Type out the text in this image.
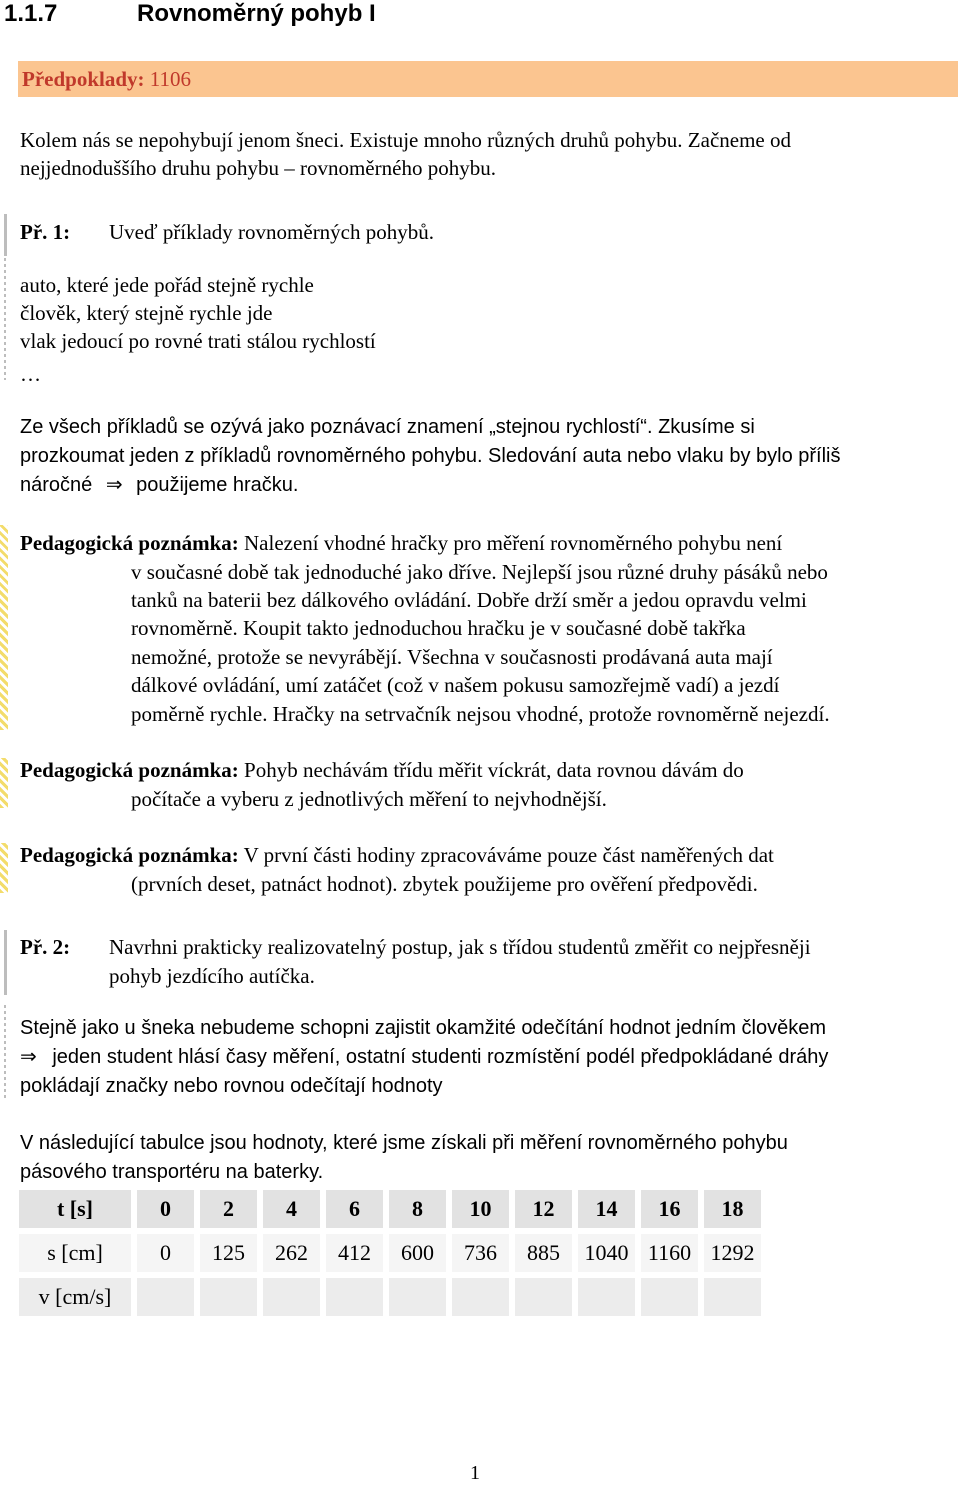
1.1.7	Rovnoměrný pohyb I
Předpoklady: 1106
Kolem nás se nepohybují jenom šneci. Existuje mnoho různých druhů pohybu. Začneme od
nejjednoduššího druhu pohybu – rovnoměrného pohybu.
Př. 1: Uveď příklady rovnoměrných pohybů.
auto, které jede pořád stejně rychle
člověk, který stejně rychle jde
vlak jedoucí po rovné trati stálou rychlostí
…
Ze všech příkladů se ozývá jako poznávací znamení „stejnou rychlostí“. Zkusíme si
prozkoumat jeden z příkladů rovnoměrného pohybu. Sledování auta nebo vlaku by bylo příliš
náročné ⇒ použijeme hračku.
Pedagogická poznámka: Nalezení vhodné hračky pro měření rovnoměrného pohybu není
v současné době tak jednoduché jako dříve. Nejlepší jsou různé druhy pásáků nebo
tanků na baterii bez dálkového ovládání. Dobře drží směr a jedou opravdu velmi
rovnoměrně. Koupit takto jednoduchou hračku je v současné době takřka
nemožné, protože se nevyrábějí. Všechna v současnosti prodávaná auta mají
dálkové ovládání, umí zatáčet (což v našem pokusu samozřejmě vadí) a jezdí
poměrně rychle. Hračky na setrvačník nejsou vhodné, protože rovnoměrně nejezdí.
Pedagogická poznámka: Pohyb nechávám třídu měřit víckrát, data rovnou dávám do
počítače a vyberu z jednotlivých měření to nejvhodnější.
Pedagogická poznámka: V první části hodiny zpracováváme pouze část naměřených dat
(prvních deset, patnáct hodnot). zbytek použijeme pro ověření předpovědi.
Př. 2: Navrhni prakticky realizovatelný postup, jak s třídou studentů změřit co nejpřesněji
pohyb jezdícího autíčka.
Stejně jako u šneka nebudeme schopni zajistit okamžité odečítání hodnot jedním člověkem
⇒ jeden student hlásí časy měření, ostatní studenti rozmístění podél předpokládané dráhy
pokládají značky nebo rovnou odečítají hodnoty
V následující tabulce jsou hodnoty, které jsme získali při měření rovnoměrného pohybu
pásového transportéru na baterky.
t [s]	0	2	4	6	8	10	12	14	16	18
s [cm]	0	125	262	412	600	736	885	1040	1160	1292
v [cm/s]										
1
